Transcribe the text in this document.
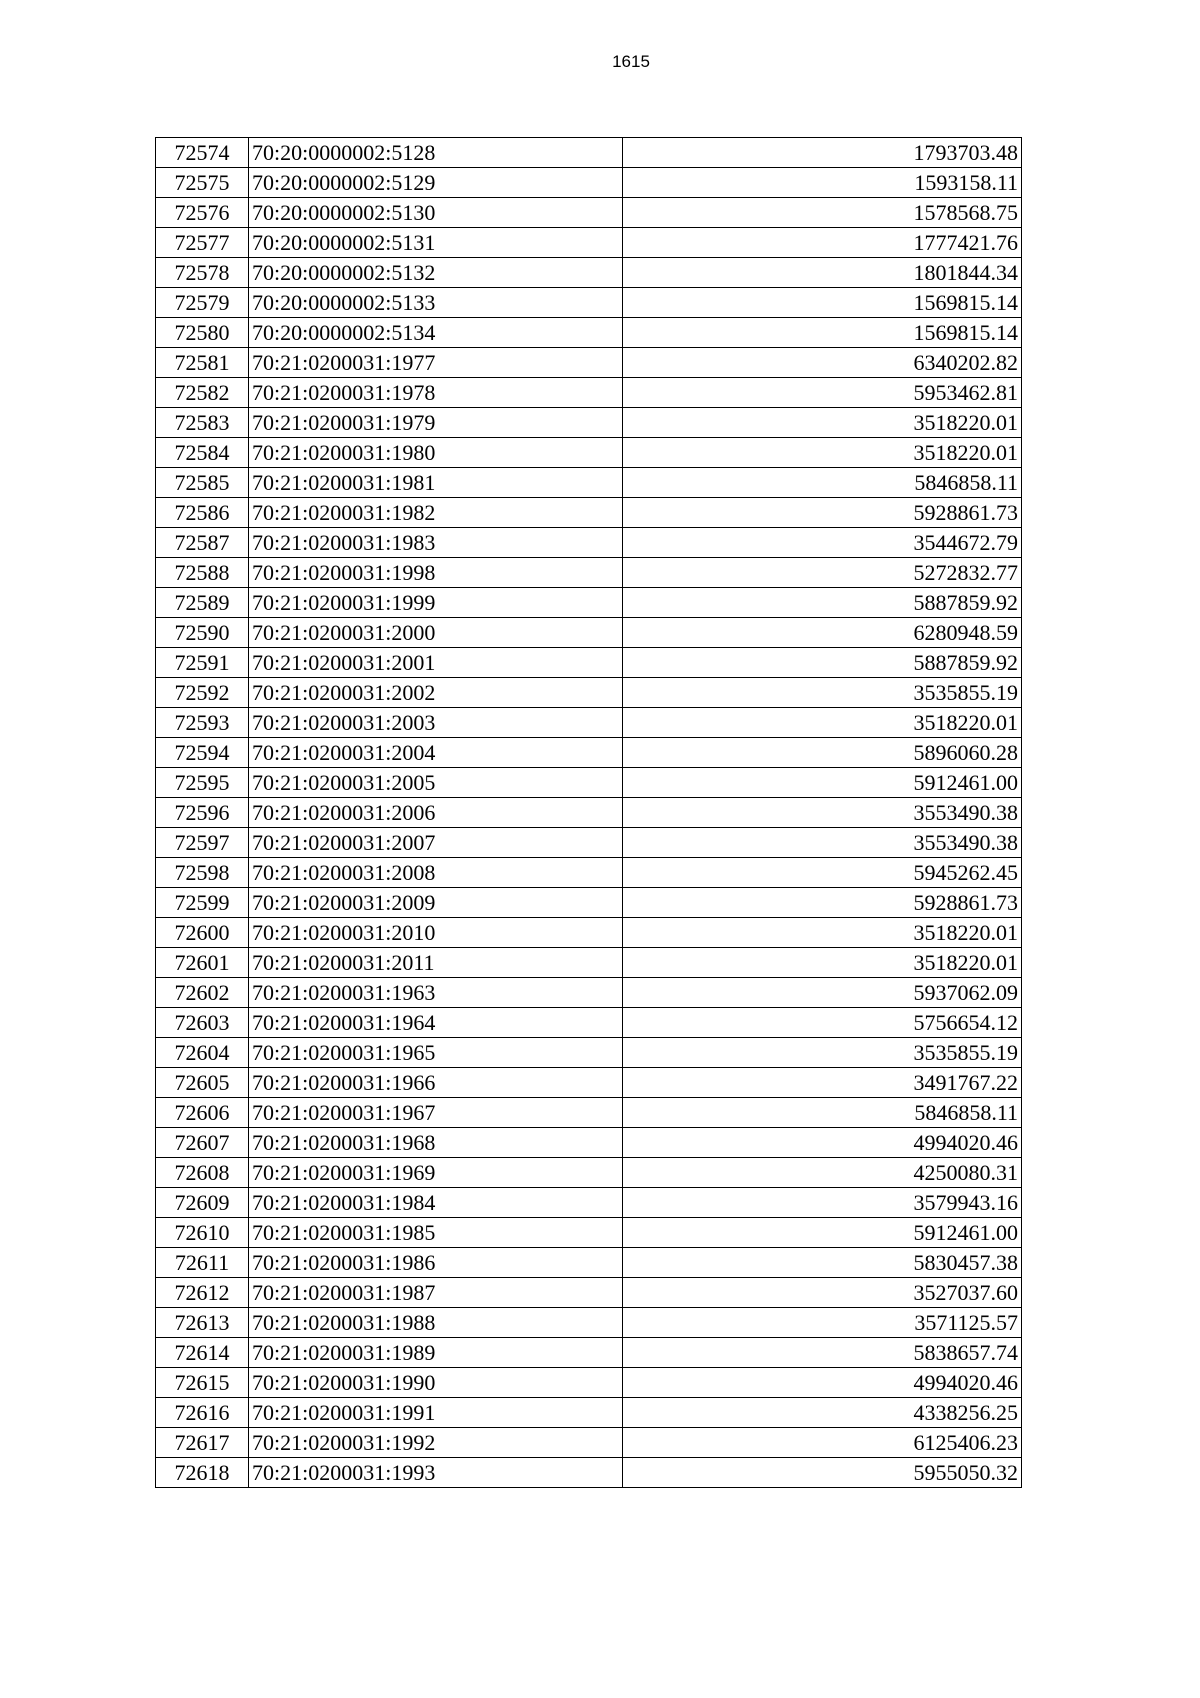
1615
72574	70:20:0000002:5128	1793703.48
72575	70:20:0000002:5129	1593158.11
72576	70:20:0000002:5130	1578568.75
72577	70:20:0000002:5131	1777421.76
72578	70:20:0000002:5132	1801844.34
72579	70:20:0000002:5133	1569815.14
72580	70:20:0000002:5134	1569815.14
72581	70:21:0200031:1977	6340202.82
72582	70:21:0200031:1978	5953462.81
72583	70:21:0200031:1979	3518220.01
72584	70:21:0200031:1980	3518220.01
72585	70:21:0200031:1981	5846858.11
72586	70:21:0200031:1982	5928861.73
72587	70:21:0200031:1983	3544672.79
72588	70:21:0200031:1998	5272832.77
72589	70:21:0200031:1999	5887859.92
72590	70:21:0200031:2000	6280948.59
72591	70:21:0200031:2001	5887859.92
72592	70:21:0200031:2002	3535855.19
72593	70:21:0200031:2003	3518220.01
72594	70:21:0200031:2004	5896060.28
72595	70:21:0200031:2005	5912461.00
72596	70:21:0200031:2006	3553490.38
72597	70:21:0200031:2007	3553490.38
72598	70:21:0200031:2008	5945262.45
72599	70:21:0200031:2009	5928861.73
72600	70:21:0200031:2010	3518220.01
72601	70:21:0200031:2011	3518220.01
72602	70:21:0200031:1963	5937062.09
72603	70:21:0200031:1964	5756654.12
72604	70:21:0200031:1965	3535855.19
72605	70:21:0200031:1966	3491767.22
72606	70:21:0200031:1967	5846858.11
72607	70:21:0200031:1968	4994020.46
72608	70:21:0200031:1969	4250080.31
72609	70:21:0200031:1984	3579943.16
72610	70:21:0200031:1985	5912461.00
72611	70:21:0200031:1986	5830457.38
72612	70:21:0200031:1987	3527037.60
72613	70:21:0200031:1988	3571125.57
72614	70:21:0200031:1989	5838657.74
72615	70:21:0200031:1990	4994020.46
72616	70:21:0200031:1991	4338256.25
72617	70:21:0200031:1992	6125406.23
72618	70:21:0200031:1993	5955050.32
